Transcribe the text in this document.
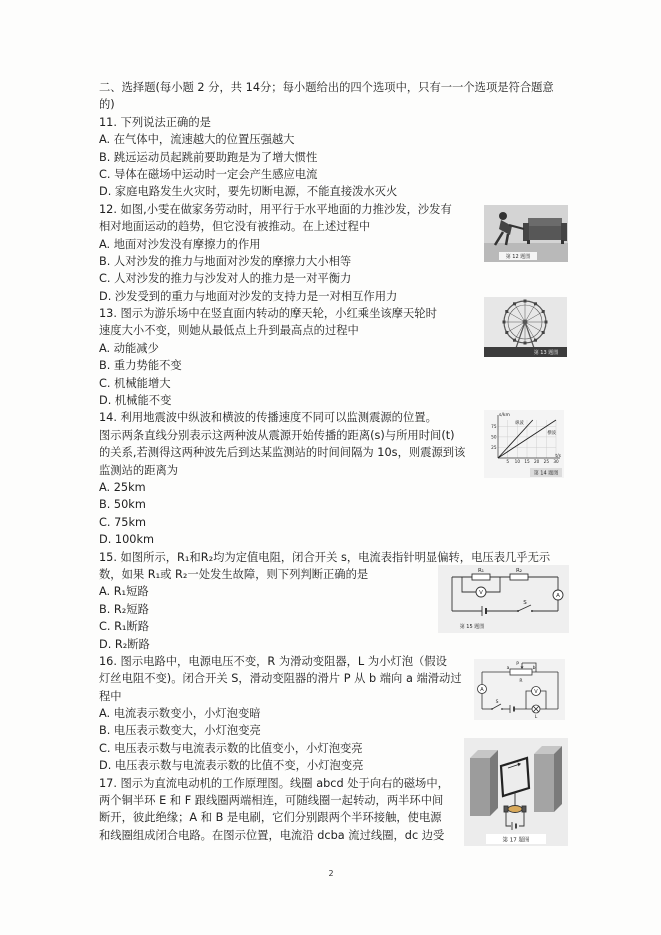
二、选择题(每小题 2 分，共 14分；每小题给出的四个选项中，只有一一个选项是符合题意
的)
11. 下列说法正确的是
A. 在气体中，流速越大的位置压强越大
B. 跳远运动员起跳前要助跑是为了增大惯性
C. 导体在磁场中运动时一定会产生感应电流
D. 家庭电路发生火灾时，要先切断电源，不能直接泼水灭火
12. 如图,小雯在做家务劳动时，用平行于水平地面的力推沙发，沙发有
相对地面运动的趋势，但它没有被推动。在上述过程中
A. 地面对沙发没有摩擦力的作用
B. 人对沙发的推力与地面对沙发的摩擦力大小相等
C. 人对沙发的推力与沙发对人的推力是一对平衡力
D. 沙发受到的重力与地面对沙发的支持力是一对相互作用力
13. 图示为游乐场中在竖直面内转动的摩天轮，小红乘坐该摩天轮时
速度大小不变，则她从最低点上升到最高点的过程中
A. 动能减少
B. 重力势能不变
C. 机械能增大
D. 机械能不变
14. 利用地震波中纵波和横波的传播速度不同可以监测震源的位置。
图示两条直线分别表示这两种波从震源开始传播的距离(s)与所用时间(t)
的关系,若测得这两种波先后到达某监测站的时间间隔为 10s，则震源到该
监测站的距离为
A. 25km
B. 50km
C. 75km
D. 100km
15. 如图所示，R₁和R₂均为定值电阻，闭合开关 s，电流表指针明显偏转，电压表几乎无示
数，如果 R₁或 R₂一处发生故障，则下列判断正确的是
A. R₁短路
B. R₂短路
C. R₁断路
D. R₂断路
16. 图示电路中，电源电压不变，R 为滑动变阻器，L 为小灯泡（假设
灯丝电阻不变)。闭合开关 S，滑动变阻器的滑片 P 从 b 端向 a 端滑动过
程中
A. 电流表示数变小，小灯泡变暗
B. 电压表示数变大，小灯泡变亮
C. 电压表示数与电流表示数的比值变小，小灯泡变亮
D. 电压表示数与电流表示数的比值不变，小灯泡变亮
17. 图示为直流电动机的工作原理图。线圈 abcd 处于向右的磁场中，
两个铜半环 E 和 F 跟线圈两端相连，可随线圈一起转动，两半环中间
断开，彼此绝缘；A 和 B 是电刷，它们分别跟两个半环接触，使电源
和线圈组成闭合电路。在图示位置，电流沿 dcba 流过线圈，dc 边受
第 12 题图
第 13 题图
s/km
t/s
25
50
75
5 10 15 20 25 30
纵波
横波
第 14 题图
R₁	R₂
V	A
S
第 15 题图
A	V
P
R
a	b
L
S
第 17 题图
2
